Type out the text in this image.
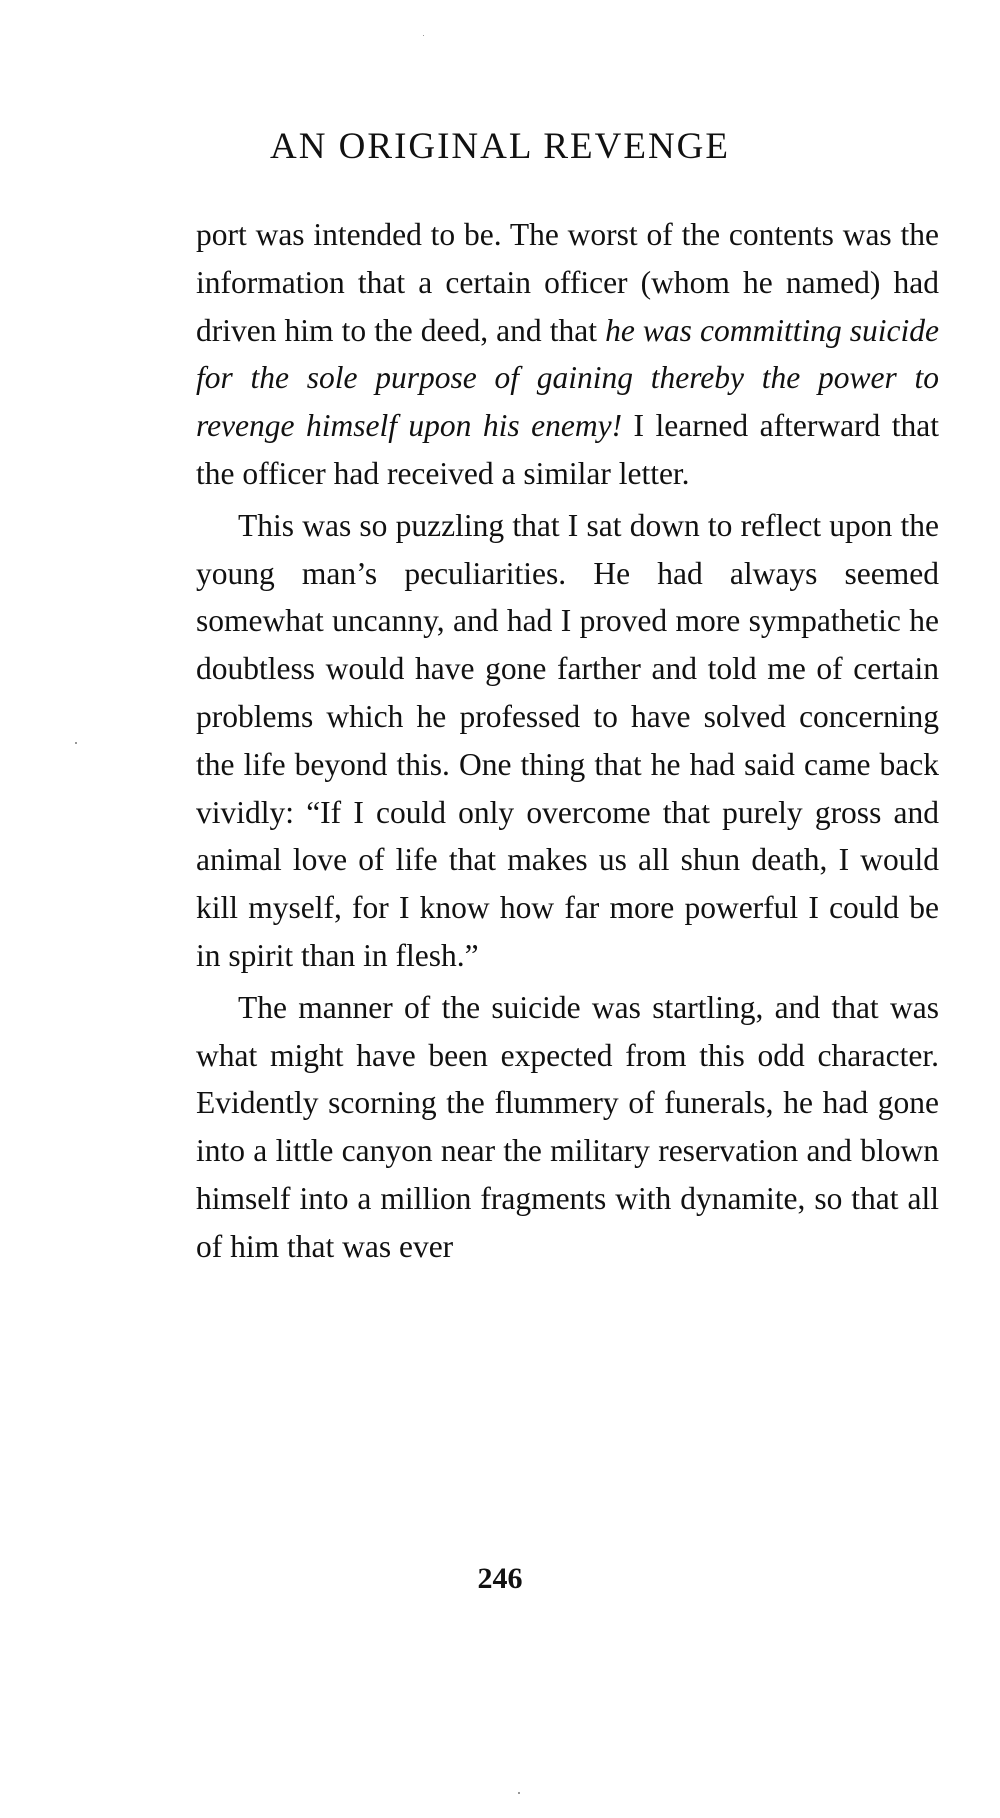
AN ORIGINAL REVENGE

port was intended to be. The worst of the contents was the information that a certain officer (whom he named) had driven him to the deed, and that he was committing suicide for the sole purpose of gaining thereby the power to revenge himself upon his enemy! I learned afterward that the officer had received a similar letter.

This was so puzzling that I sat down to reflect upon the young man’s peculiarities. He had always seemed somewhat uncanny, and had I proved more sympathetic he doubtless would have gone farther and told me of certain problems which he professed to have solved concerning the life beyond this. One thing that he had said came back vividly: “If I could only overcome that purely gross and animal love of life that makes us all shun death, I would kill myself, for I know how far more powerful I could be in spirit than in flesh.”

The manner of the suicide was startling, and that was what might have been expected from this odd character. Evidently scorning the flummery of funerals, he had gone into a little canyon near the military reservation and blown himself into a million fragments with dynamite, so that all of him that was ever

246
